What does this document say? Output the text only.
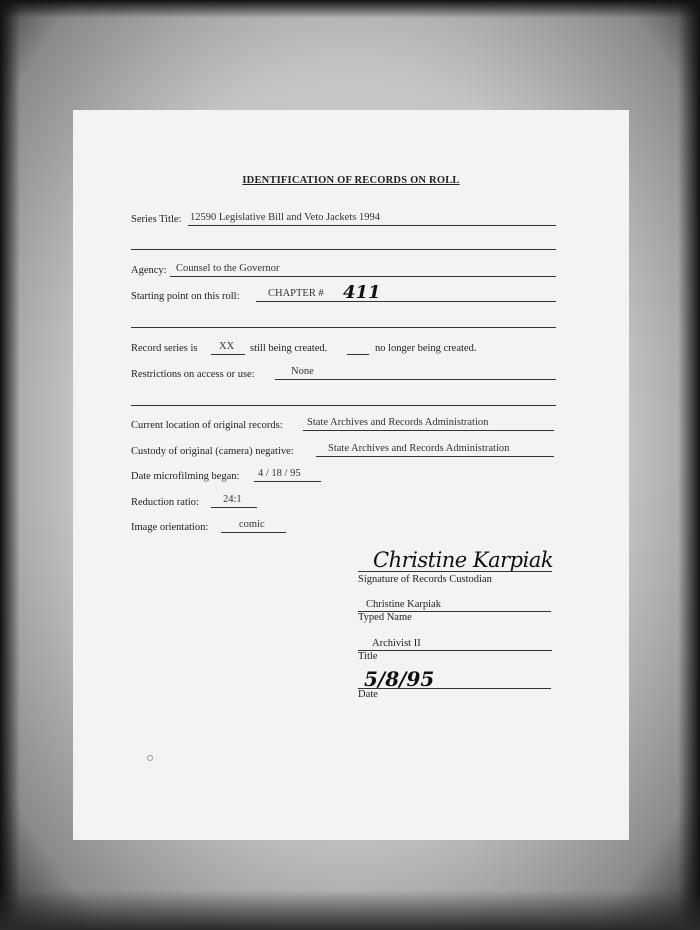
IDENTIFICATION OF RECORDS ON ROLL
Series Title: 12590 Legislative Bill and Veto Jackets 1994
Agency: Counsel to the Governor
Starting point on this roll:	CHAPTER #	411
Record series is	XX	still being created.	no longer being created.
Restrictions on access or use:	None
Current location of original records:	State Archives and Records Administration
Custody of original (camera) negative:	State Archives and Records Administration
Date microfilming began:	4 / 18 / 95
Reduction ratio:	24:1
Image orientation:	comic
Christine Karpiak
Signature of Records Custodian
Christine Karpiak
Typed Name
Archivist II
Title
5/8/95
Date
